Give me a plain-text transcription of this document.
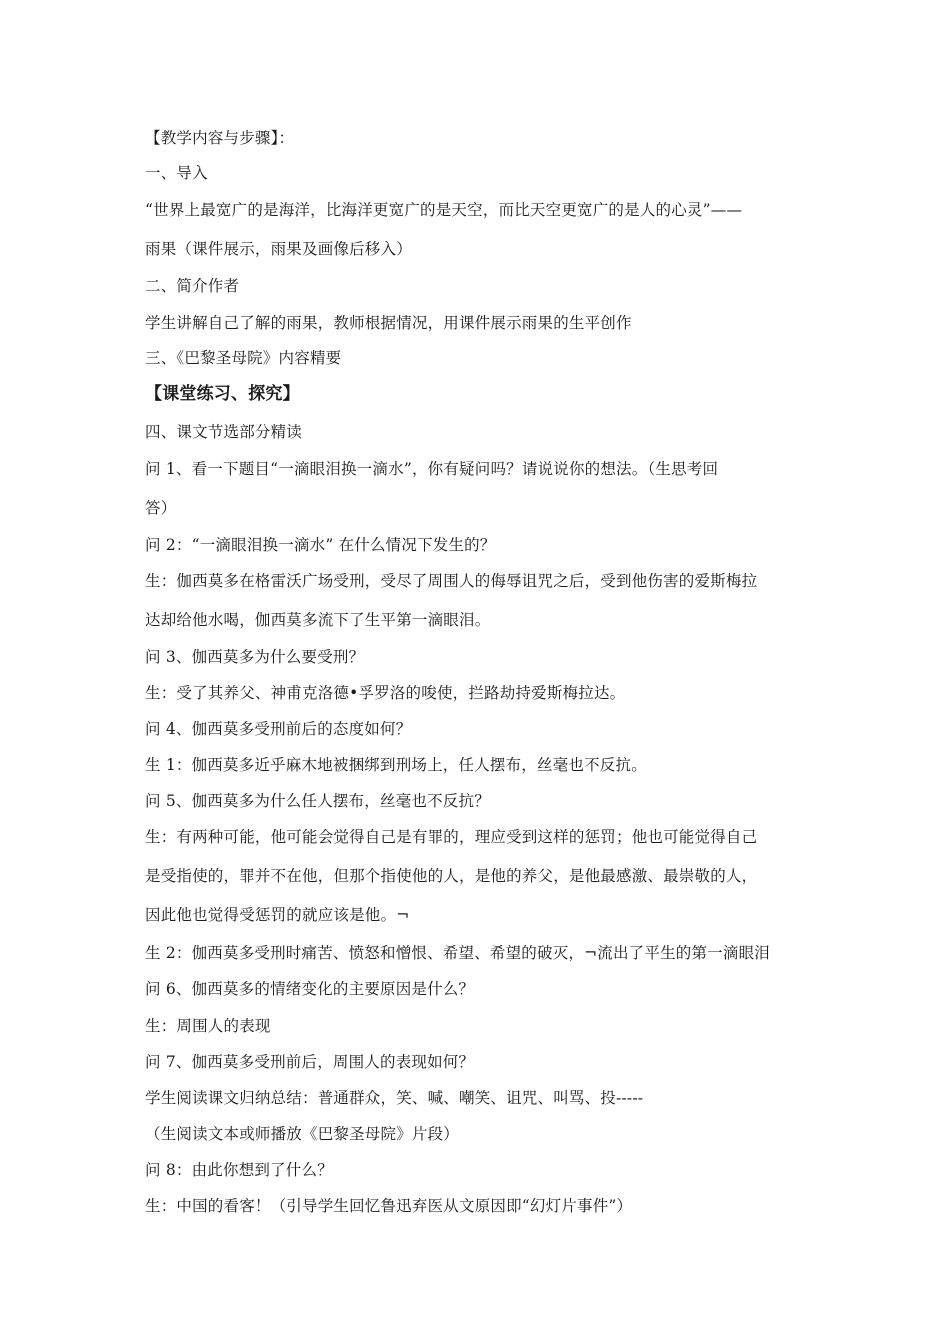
【教学内容与步骤】：
一、导入
“世界上最宽广的是海洋，比海洋更宽广的是天空，而比天空更宽广的是人的心灵”——
雨果（课件展示，雨果及画像后移入）
二、简介作者
学生讲解自己了解的雨果，教师根据情况，用课件展示雨果的生平创作
三、《巴黎圣母院》内容精要
【课堂练习、探究】
四、课文节选部分精读
问 1、看一下题目“一滴眼泪换一滴水”，你有疑问吗？请说说你的想法。（生思考回
答）
问 2：“一滴眼泪换一滴水” 在什么情况下发生的？
生：伽西莫多在格雷沃广场受刑，受尽了周围人的侮辱诅咒之后，受到他伤害的爱斯梅拉
达却给他水喝，伽西莫多流下了生平第一滴眼泪。
问 3、伽西莫多为什么要受刑？
生：受了其养父、神甫克洛德•孚罗洛的唆使，拦路劫持爱斯梅拉达。
问 4、伽西莫多受刑前后的态度如何？
生 1：伽西莫多近乎麻木地被捆绑到刑场上，任人摆布，丝毫也不反抗。
问 5、伽西莫多为什么任人摆布，丝毫也不反抗？
生：有两种可能，他可能会觉得自己是有罪的，理应受到这样的惩罚；他也可能觉得自己
是受指使的，罪并不在他，但那个指使他的人，是他的养父，是他最感激、最崇敬的人，
因此他也觉得受惩罚的就应该是他。¬
生 2：伽西莫多受刑时痛苦、愤怒和憎恨、希望、希望的破灭，¬流出了平生的第一滴眼泪
问 6、伽西莫多的情绪变化的主要原因是什么？
生：周围人的表现
问 7、伽西莫多受刑前后，周围人的表现如何？
学生阅读课文归纳总结：普通群众，笑、喊、嘲笑、诅咒、叫骂、投-----
（生阅读文本或师播放《巴黎圣母院》片段）
问 8：由此你想到了什么？
生：中国的看客！（引导学生回忆鲁迅弃医从文原因即“幻灯片事件”）
